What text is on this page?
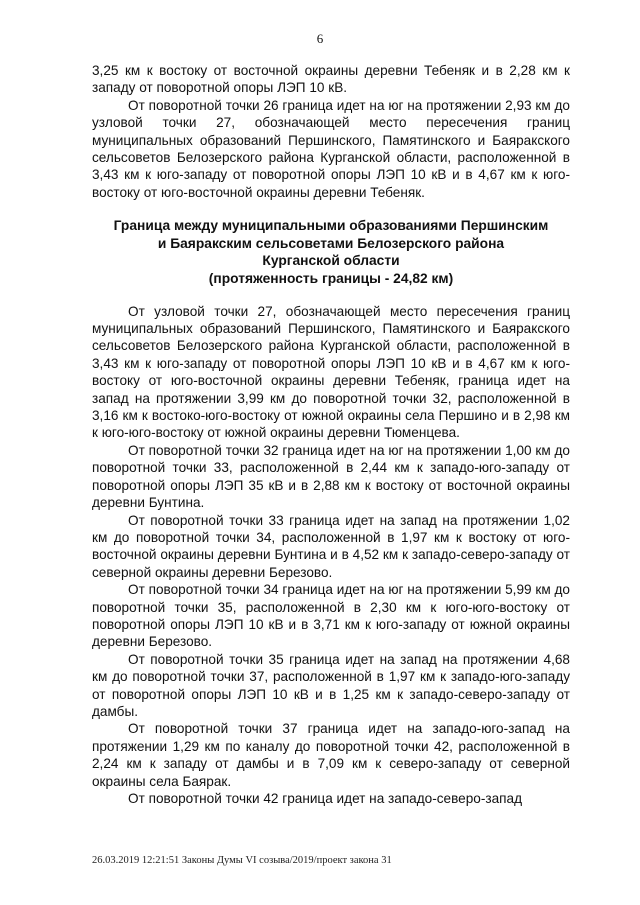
6

3,25 км к востоку от восточной окраины деревни Тебеняк и в 2,28 км к западу от поворотной опоры ЛЭП 10 кВ.

От поворотной точки 26 граница идет на юг на протяжении 2,93 км до узловой точки 27, обозначающей место пересечения границ муниципальных образований Першинского, Памятинского и Баяракского сельсоветов Белозерского района Курганской области, расположенной в 3,43 км к юго-западу от поворотной опоры ЛЭП 10 кВ и в 4,67 км к юго-востоку от юго-восточной окраины деревни Тебеняк.

Граница между муниципальными образованиями Першинским
и Баяракским сельсоветами Белозерского района
Курганской области
(протяженность границы - 24,82 км)

От узловой точки 27, обозначающей место пересечения границ муниципальных образований Першинского, Памятинского и Баяракского сельсоветов Белозерского района Курганской области, расположенной в 3,43 км к юго-западу от поворотной опоры ЛЭП 10 кВ и в 4,67 км к юго-востоку от юго-восточной окраины деревни Тебеняк, граница идет на запад на протяжении 3,99 км до поворотной точки 32, расположенной в 3,16 км к востоко-юго-востоку от южной окраины села Першино и в 2,98 км к юго-юго-востоку от южной окраины деревни Тюменцева.

От поворотной точки 32 граница идет на юг на протяжении 1,00 км до поворотной точки 33, расположенной в 2,44 км к западо-юго-западу от поворотной опоры ЛЭП 35 кВ и в 2,88 км к востоку от восточной окраины деревни Бунтина.

От поворотной точки 33 граница идет на запад на протяжении 1,02 км до поворотной точки 34, расположенной в 1,97 км к востоку от юго-восточной окраины деревни Бунтина и в 4,52 км к западо-северо-западу от северной окраины деревни Березово.

От поворотной точки 34 граница идет на юг на протяжении 5,99 км до поворотной точки 35, расположенной в 2,30 км к юго-юго-востоку от поворотной опоры ЛЭП 10 кВ и в 3,71 км к юго-западу от южной окраины деревни Березово.

От поворотной точки 35 граница идет на запад на протяжении 4,68 км до поворотной точки 37, расположенной в 1,97 км к западо-юго-западу от поворотной опоры ЛЭП 10 кВ и в 1,25 км к западо-северо-западу от дамбы.

От поворотной точки 37 граница идет на западо-юго-запад на протяжении 1,29 км по каналу до поворотной точки 42, расположенной в 2,24 км к западу от дамбы и в 7,09 км к северо-западу от северной окраины села Баярак.

От поворотной точки 42 граница идет на западо-северо-запад

26.03.2019 12:21:51 Законы Думы VI созыва/2019/проект закона 31
